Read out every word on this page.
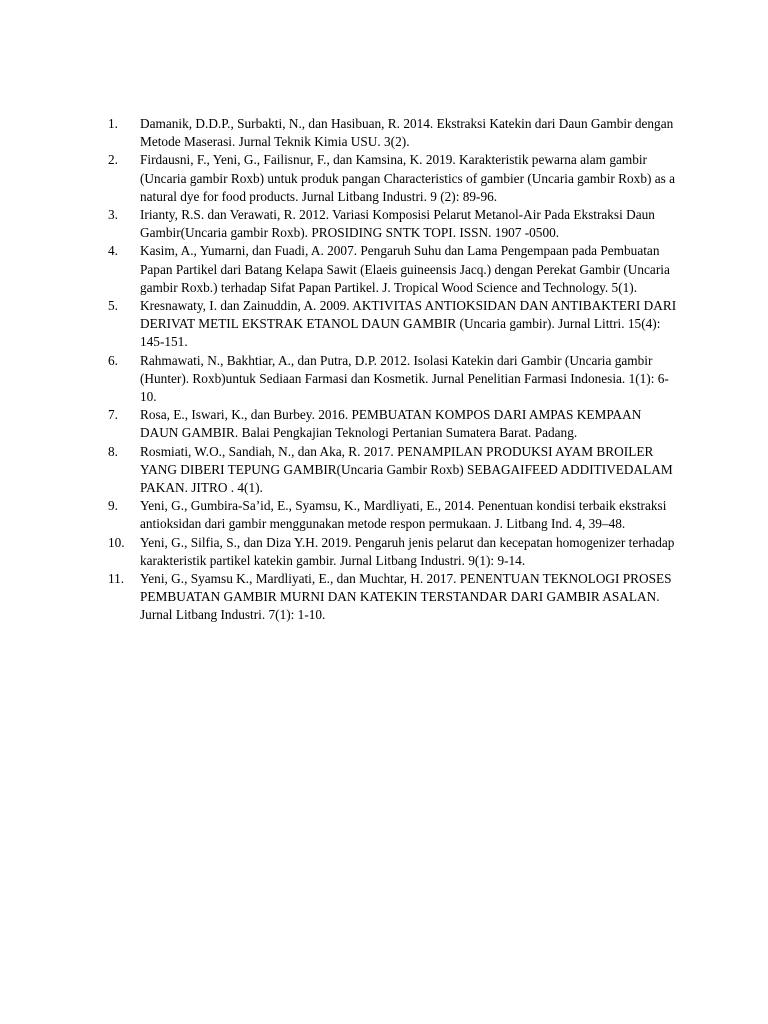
1.	Damanik, D.D.P., Surbakti, N., dan Hasibuan, R. 2014. Ekstraksi Katekin dari Daun Gambir dengan Metode Maserasi. Jurnal Teknik Kimia USU. 3(2).
2.	Firdausni, F., Yeni, G., Failisnur, F., dan Kamsina, K. 2019. Karakteristik pewarna alam gambir (Uncaria gambir Roxb) untuk produk pangan Characteristics of gambier (Uncaria gambir Roxb) as a natural dye for food products. Jurnal Litbang Industri. 9 (2): 89-96.
3.	Irianty, R.S. dan Verawati, R. 2012. Variasi Komposisi Pelarut Metanol-Air Pada Ekstraksi Daun Gambir(Uncaria gambir Roxb). PROSIDING SNTK TOPI. ISSN. 1907 -0500.
4.	Kasim, A., Yumarni, dan Fuadi, A. 2007. Pengaruh Suhu dan Lama Pengempaan pada Pembuatan Papan Partikel dari Batang Kelapa Sawit (Elaeis guineensis Jacq.) dengan Perekat Gambir (Uncaria gambir Roxb.) terhadap Sifat Papan Partikel. J. Tropical Wood Science and Technology. 5(1).
5.	Kresnawaty, I. dan Zainuddin, A. 2009. AKTIVITAS ANTIOKSIDAN DAN ANTIBAKTERI DARI DERIVAT METIL EKSTRAK ETANOL DAUN GAMBIR (Uncaria gambir). Jurnal Littri. 15(4): 145-151.
6.	Rahmawati, N., Bakhtiar, A., dan Putra, D.P. 2012. Isolasi Katekin dari Gambir (Uncaria gambir (Hunter). Roxb)untuk Sediaan Farmasi dan Kosmetik. Jurnal Penelitian Farmasi Indonesia. 1(1): 6-10.
7.	Rosa, E., Iswari, K., dan Burbey. 2016. PEMBUATAN KOMPOS DARI AMPAS KEMPAAN DAUN GAMBIR. Balai Pengkajian Teknologi Pertanian Sumatera Barat. Padang.
8.	Rosmiati, W.O., Sandiah, N., dan Aka, R. 2017. PENAMPILAN PRODUKSI AYAM BROILER YANG DIBERI TEPUNG GAMBIR(Uncaria Gambir Roxb) SEBAGAIFEED ADDITIVEDALAM PAKAN. JITRO . 4(1).
9.	Yeni, G., Gumbira-Sa’id, E., Syamsu, K., Mardliyati, E., 2014. Penentuan kondisi terbaik ekstraksi antioksidan dari gambir menggunakan metode respon permukaan. J. Litbang Ind. 4, 39–48.
10.	Yeni, G., Silfia, S., dan Diza Y.H. 2019. Pengaruh jenis pelarut dan kecepatan homogenizer terhadap karakteristik partikel katekin gambir. Jurnal Litbang Industri. 9(1): 9-14.
11.	Yeni, G., Syamsu K., Mardliyati, E., dan Muchtar, H. 2017. PENENTUAN TEKNOLOGI PROSES PEMBUATAN GAMBIR MURNI DAN KATEKIN TERSTANDAR DARI GAMBIR ASALAN. Jurnal Litbang Industri. 7(1): 1-10.
